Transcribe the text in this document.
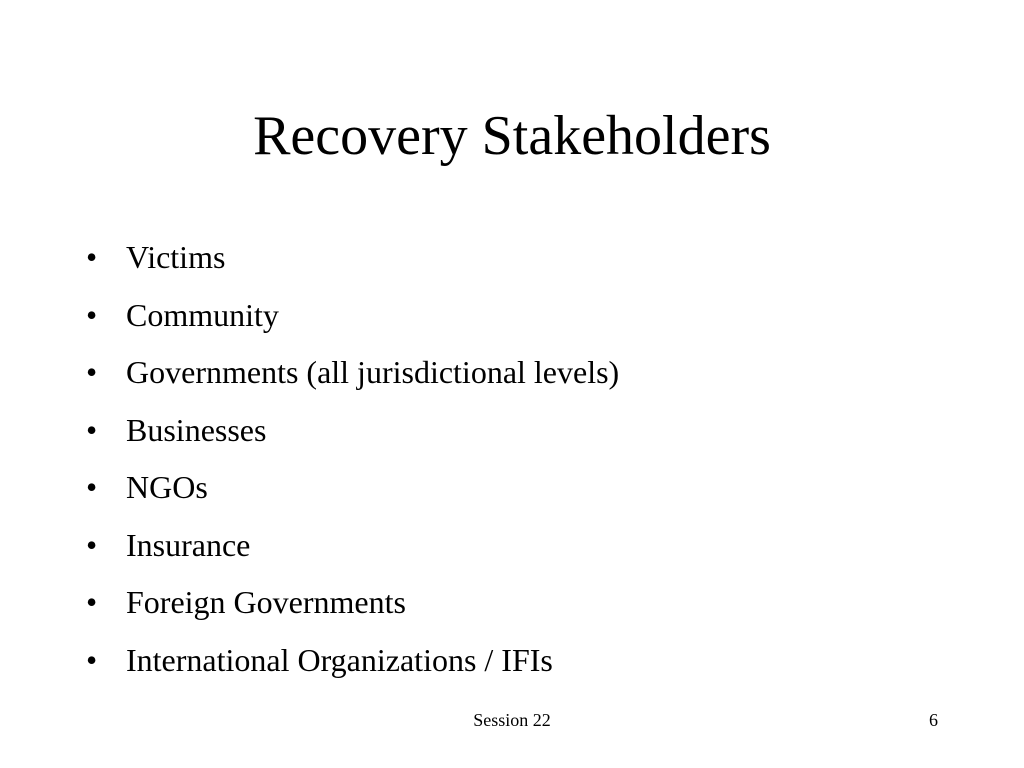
Recovery Stakeholders
• Victims
• Community
• Governments (all jurisdictional levels)
• Businesses
• NGOs
• Insurance
• Foreign Governments
• International Organizations / IFIs
Session 22	6
